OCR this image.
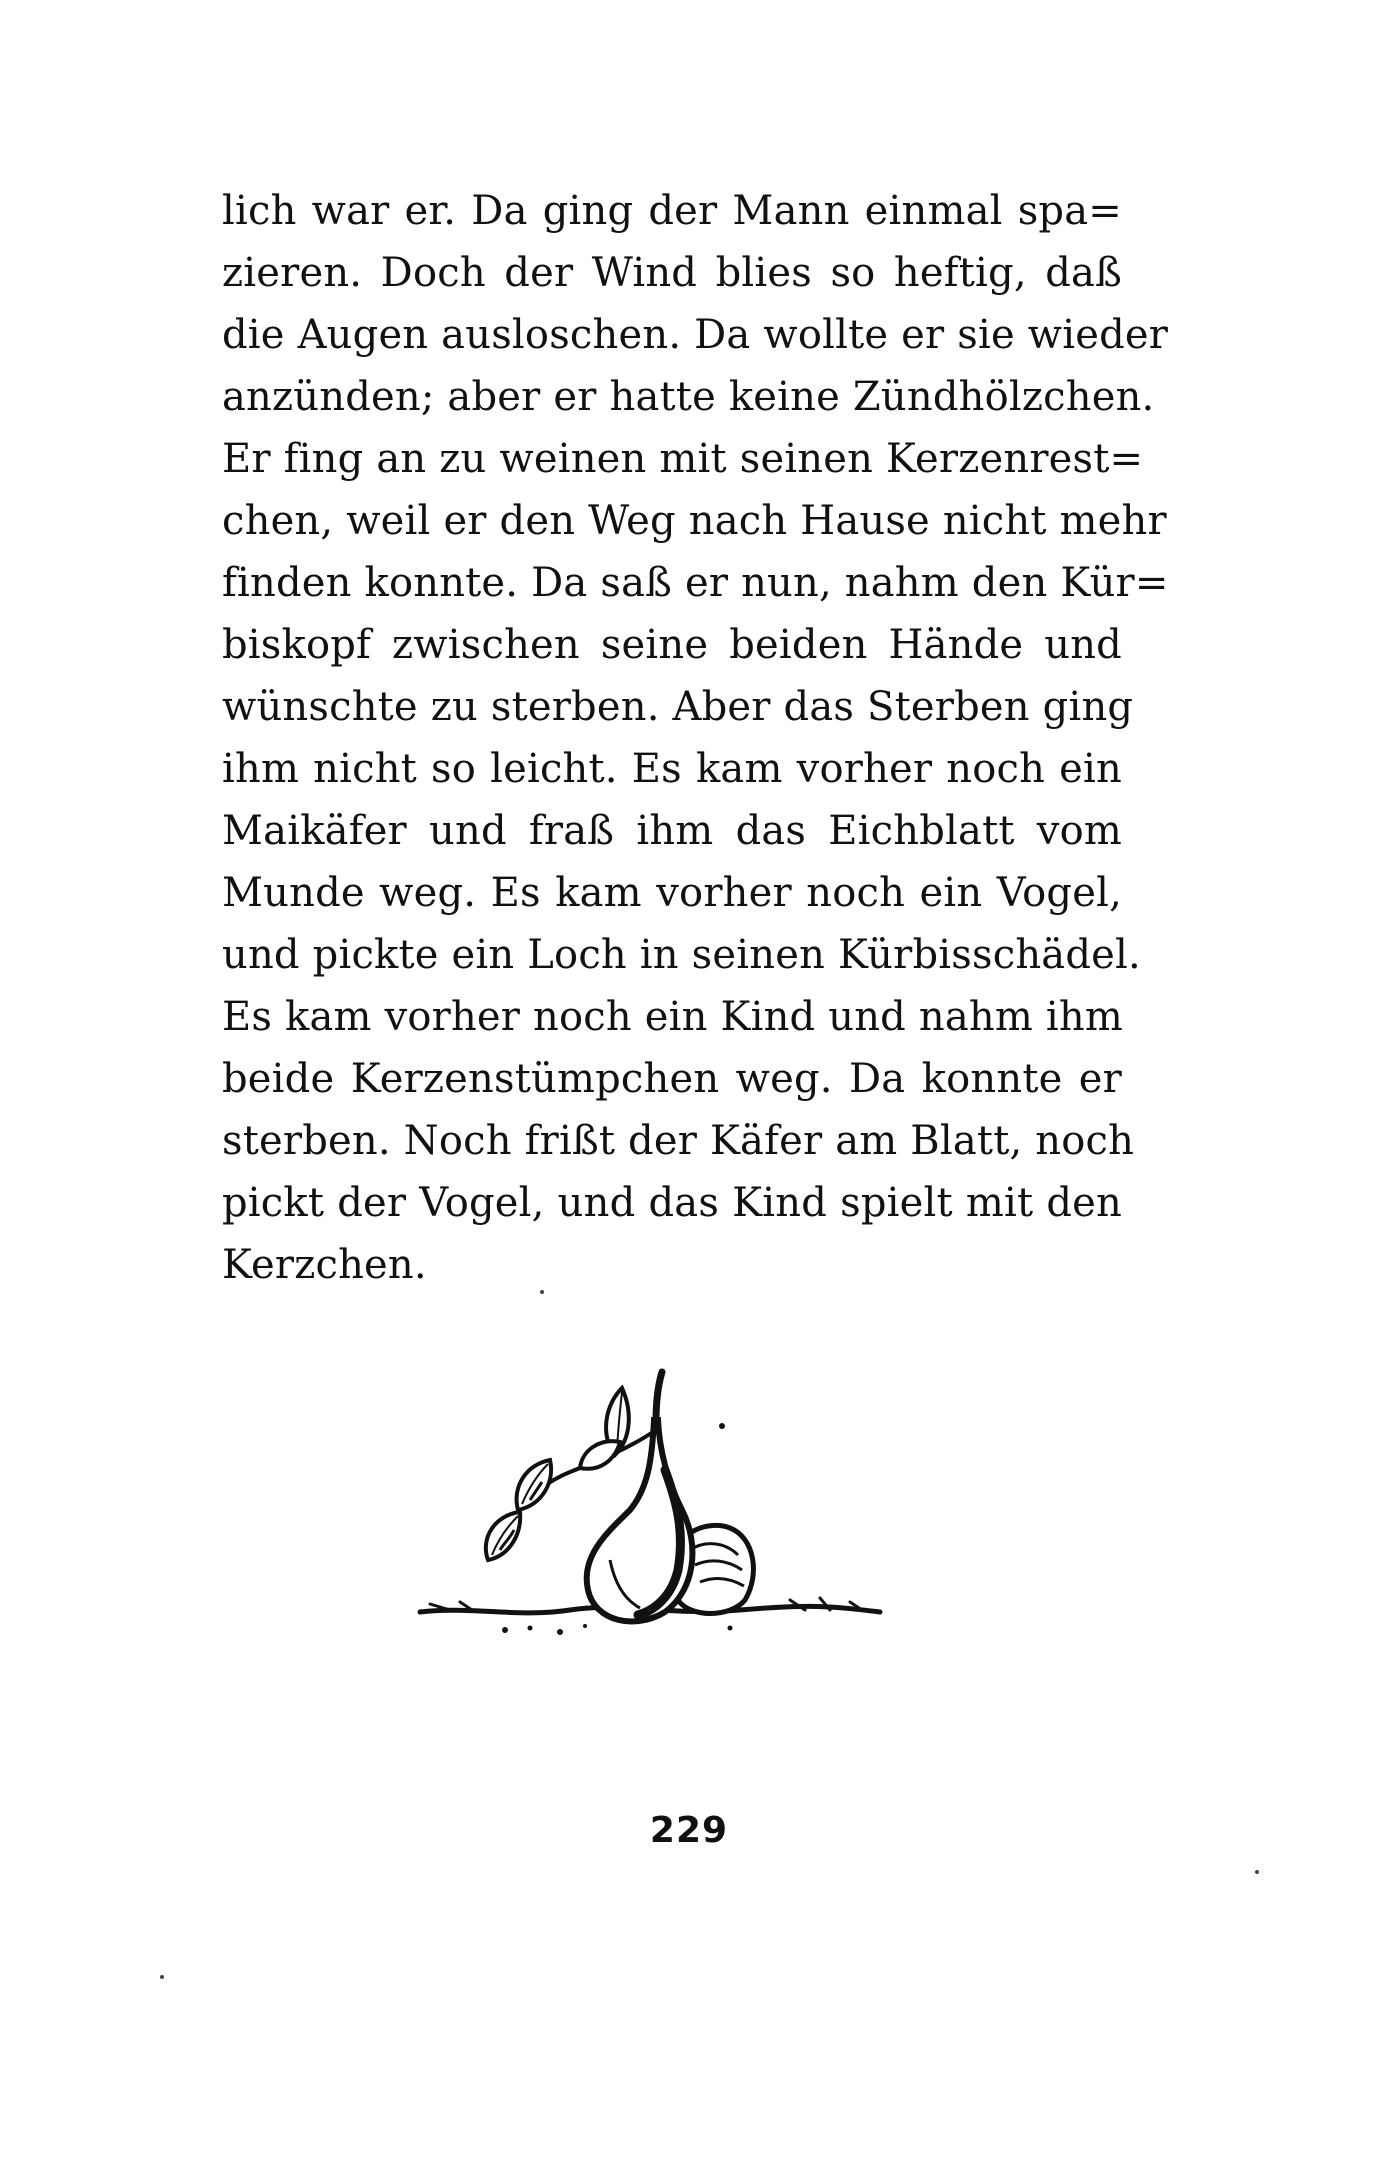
lich war er. Da ging der Mann einmal spa=
zieren. Doch der Wind blies so heftig, daß
die Augen ausloschen. Da wollte er sie wieder
anzünden; aber er hatte keine Zündhölzchen.
Er fing an zu weinen mit seinen Kerzenrest=
chen, weil er den Weg nach Hause nicht mehr
finden konnte. Da saß er nun, nahm den Kür=
biskopf zwischen seine beiden Hände und
wünschte zu sterben. Aber das Sterben ging
ihm nicht so leicht. Es kam vorher noch ein
Maikäfer und fraß ihm das Eichblatt vom
Munde weg. Es kam vorher noch ein Vogel,
und pickte ein Loch in seinen Kürbisschädel.
Es kam vorher noch ein Kind und nahm ihm
beide Kerzenstümpchen weg. Da konnte er
sterben. Noch frißt der Käfer am Blatt, noch
pickt der Vogel, und das Kind spielt mit den
Kerzchen.
229
